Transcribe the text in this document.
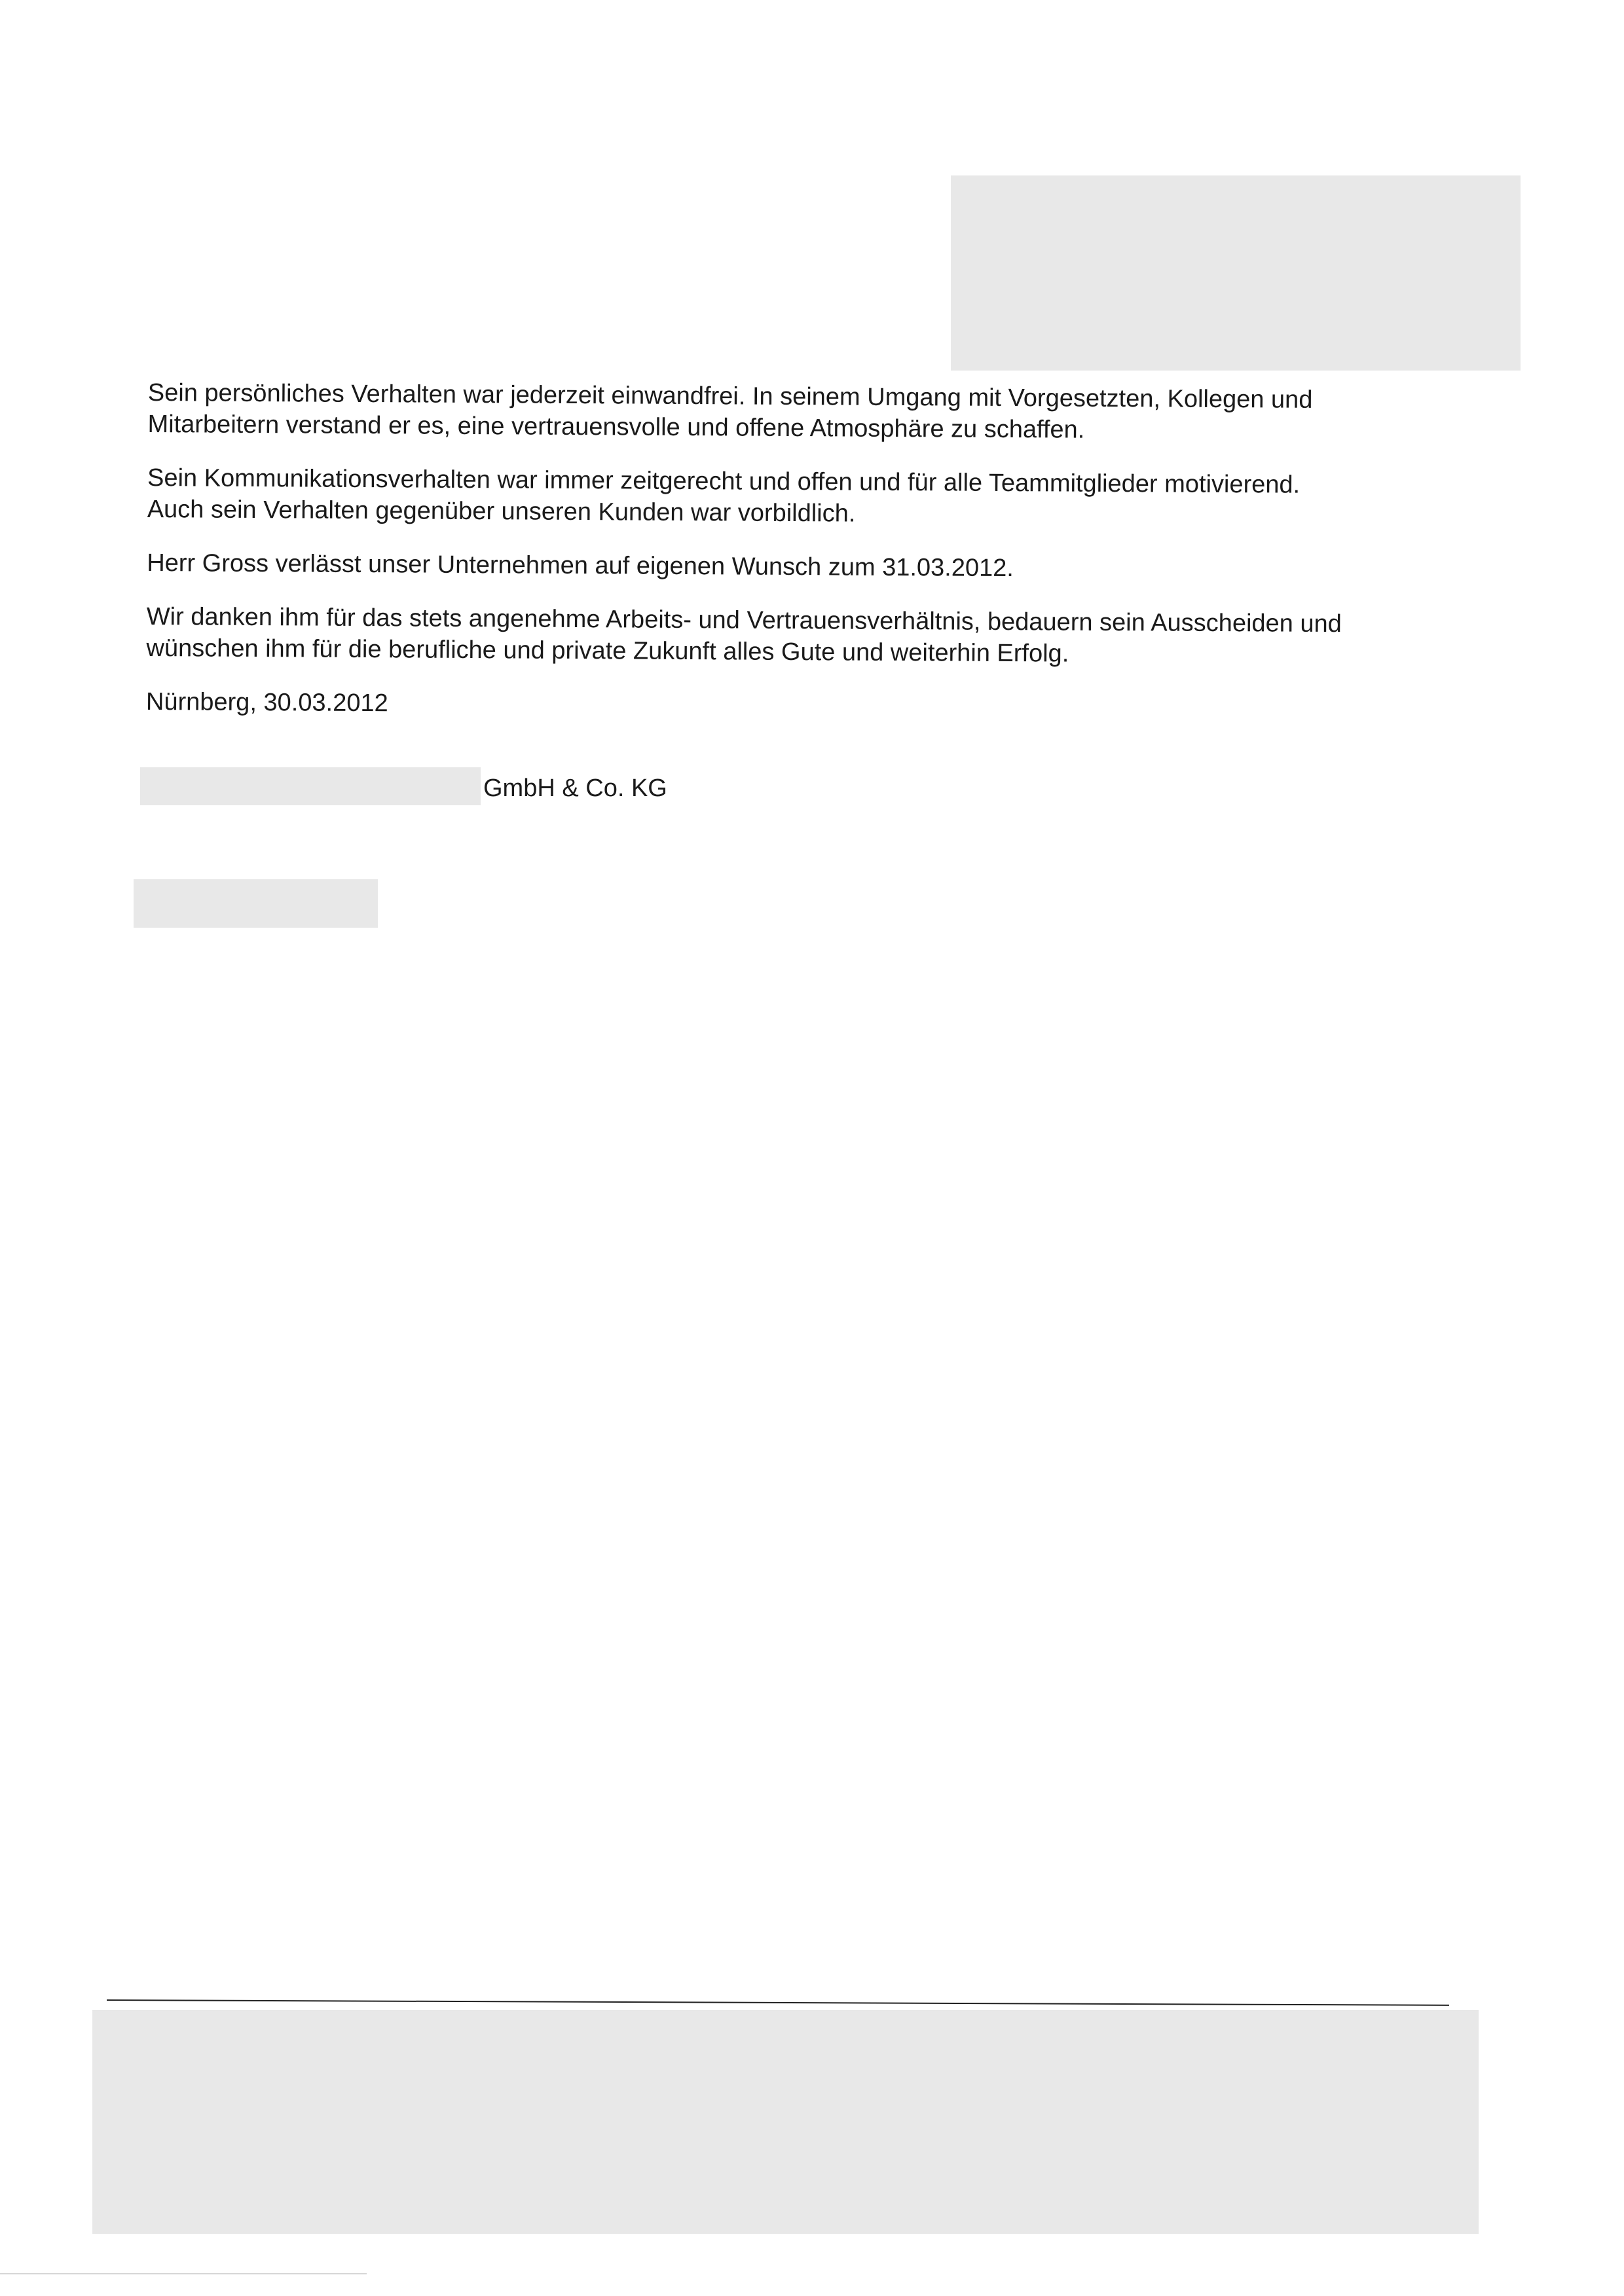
Sein persönliches Verhalten war jederzeit einwandfrei. In seinem Umgang mit Vorgesetzten, Kollegen und
Mitarbeitern verstand er es, eine vertrauensvolle und offene Atmosphäre zu schaffen.

Sein Kommunikationsverhalten war immer zeitgerecht und offen und für alle Teammitglieder motivierend.
Auch sein Verhalten gegenüber unseren Kunden war vorbildlich.

Herr Gross verlässt unser Unternehmen auf eigenen Wunsch zum 31.03.2012.

Wir danken ihm für das stets angenehme Arbeits- und Vertrauensverhältnis, bedauern sein Ausscheiden und
wünschen ihm für die berufliche und private Zukunft alles Gute und weiterhin Erfolg.

Nürnberg, 30.03.2012

GmbH & Co. KG
